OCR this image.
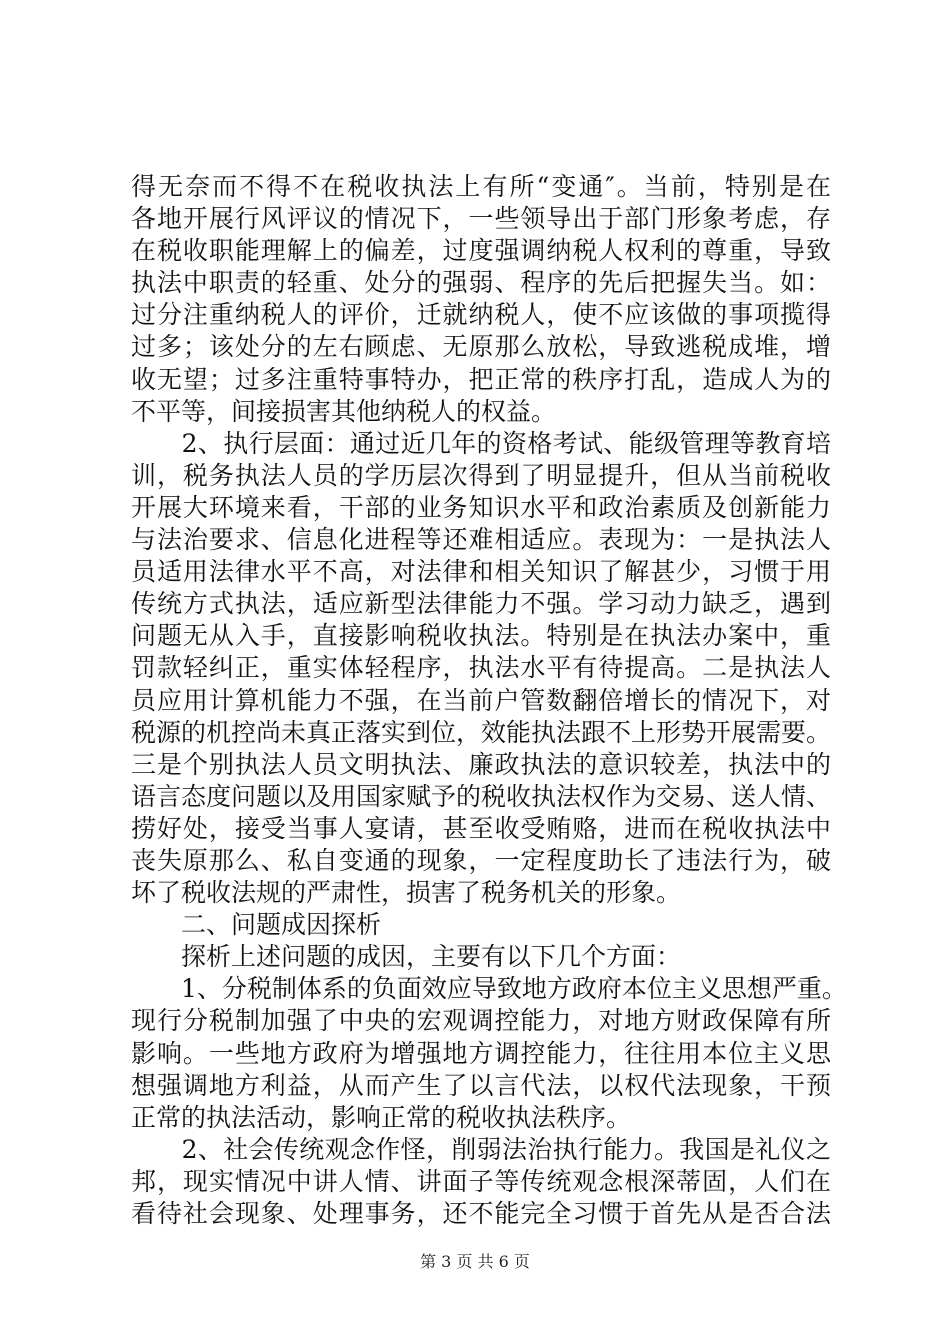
得无奈而不得不在税收执法上有所“变通″。当前，特别是在
各地开展行风评议的情况下，一些领导出于部门形象考虑，存
在税收职能理解上的偏差，过度强调纳税人权利的尊重，导致
执法中职责的轻重、处分的强弱、程序的先后把握失当。如：
过分注重纳税人的评价，迁就纳税人，使不应该做的事项揽得
过多；该处分的左右顾虑、无原那么放松，导致逃税成堆，增
收无望；过多注重特事特办，把正常的秩序打乱，造成人为的
不平等，间接损害其他纳税人的权益。
　　2、执行层面：通过近几年的资格考试、能级管理等教育培
训，税务执法人员的学历层次得到了明显提升，但从当前税收
开展大环境来看，干部的业务知识水平和政治素质及创新能力
与法治要求、信息化进程等还难相适应。表现为：一是执法人
员适用法律水平不高，对法律和相关知识了解甚少，习惯于用
传统方式执法，适应新型法律能力不强。学习动力缺乏，遇到
问题无从入手，直接影响税收执法。特别是在执法办案中，重
罚款轻纠正，重实体轻程序，执法水平有待提高。二是执法人
员应用计算机能力不强，在当前户管数翻倍增长的情况下，对
税源的机控尚未真正落实到位，效能执法跟不上形势开展需要。
三是个别执法人员文明执法、廉政执法的意识较差，执法中的
语言态度问题以及用国家赋予的税收执法权作为交易、送人情、
捞好处，接受当事人宴请，甚至收受贿赂，进而在税收执法中
丧失原那么、私自变通的现象，一定程度助长了违法行为，破
坏了税收法规的严肃性，损害了税务机关的形象。
　　二、问题成因探析
　　探析上述问题的成因，主要有以下几个方面：
　　1、分税制体系的负面效应导致地方政府本位主义思想严重。
现行分税制加强了中央的宏观调控能力，对地方财政保障有所
影响。一些地方政府为增强地方调控能力，往往用本位主义思
想强调地方利益，从而产生了以言代法，以权代法现象，干预
正常的执法活动，影响正常的税收执法秩序。
　　2、社会传统观念作怪，削弱法治执行能力。我国是礼仪之
邦，现实情况中讲人情、讲面子等传统观念根深蒂固，人们在
看待社会现象、处理事务，还不能完全习惯于首先从是否合法
第 3 页 共 6 页
